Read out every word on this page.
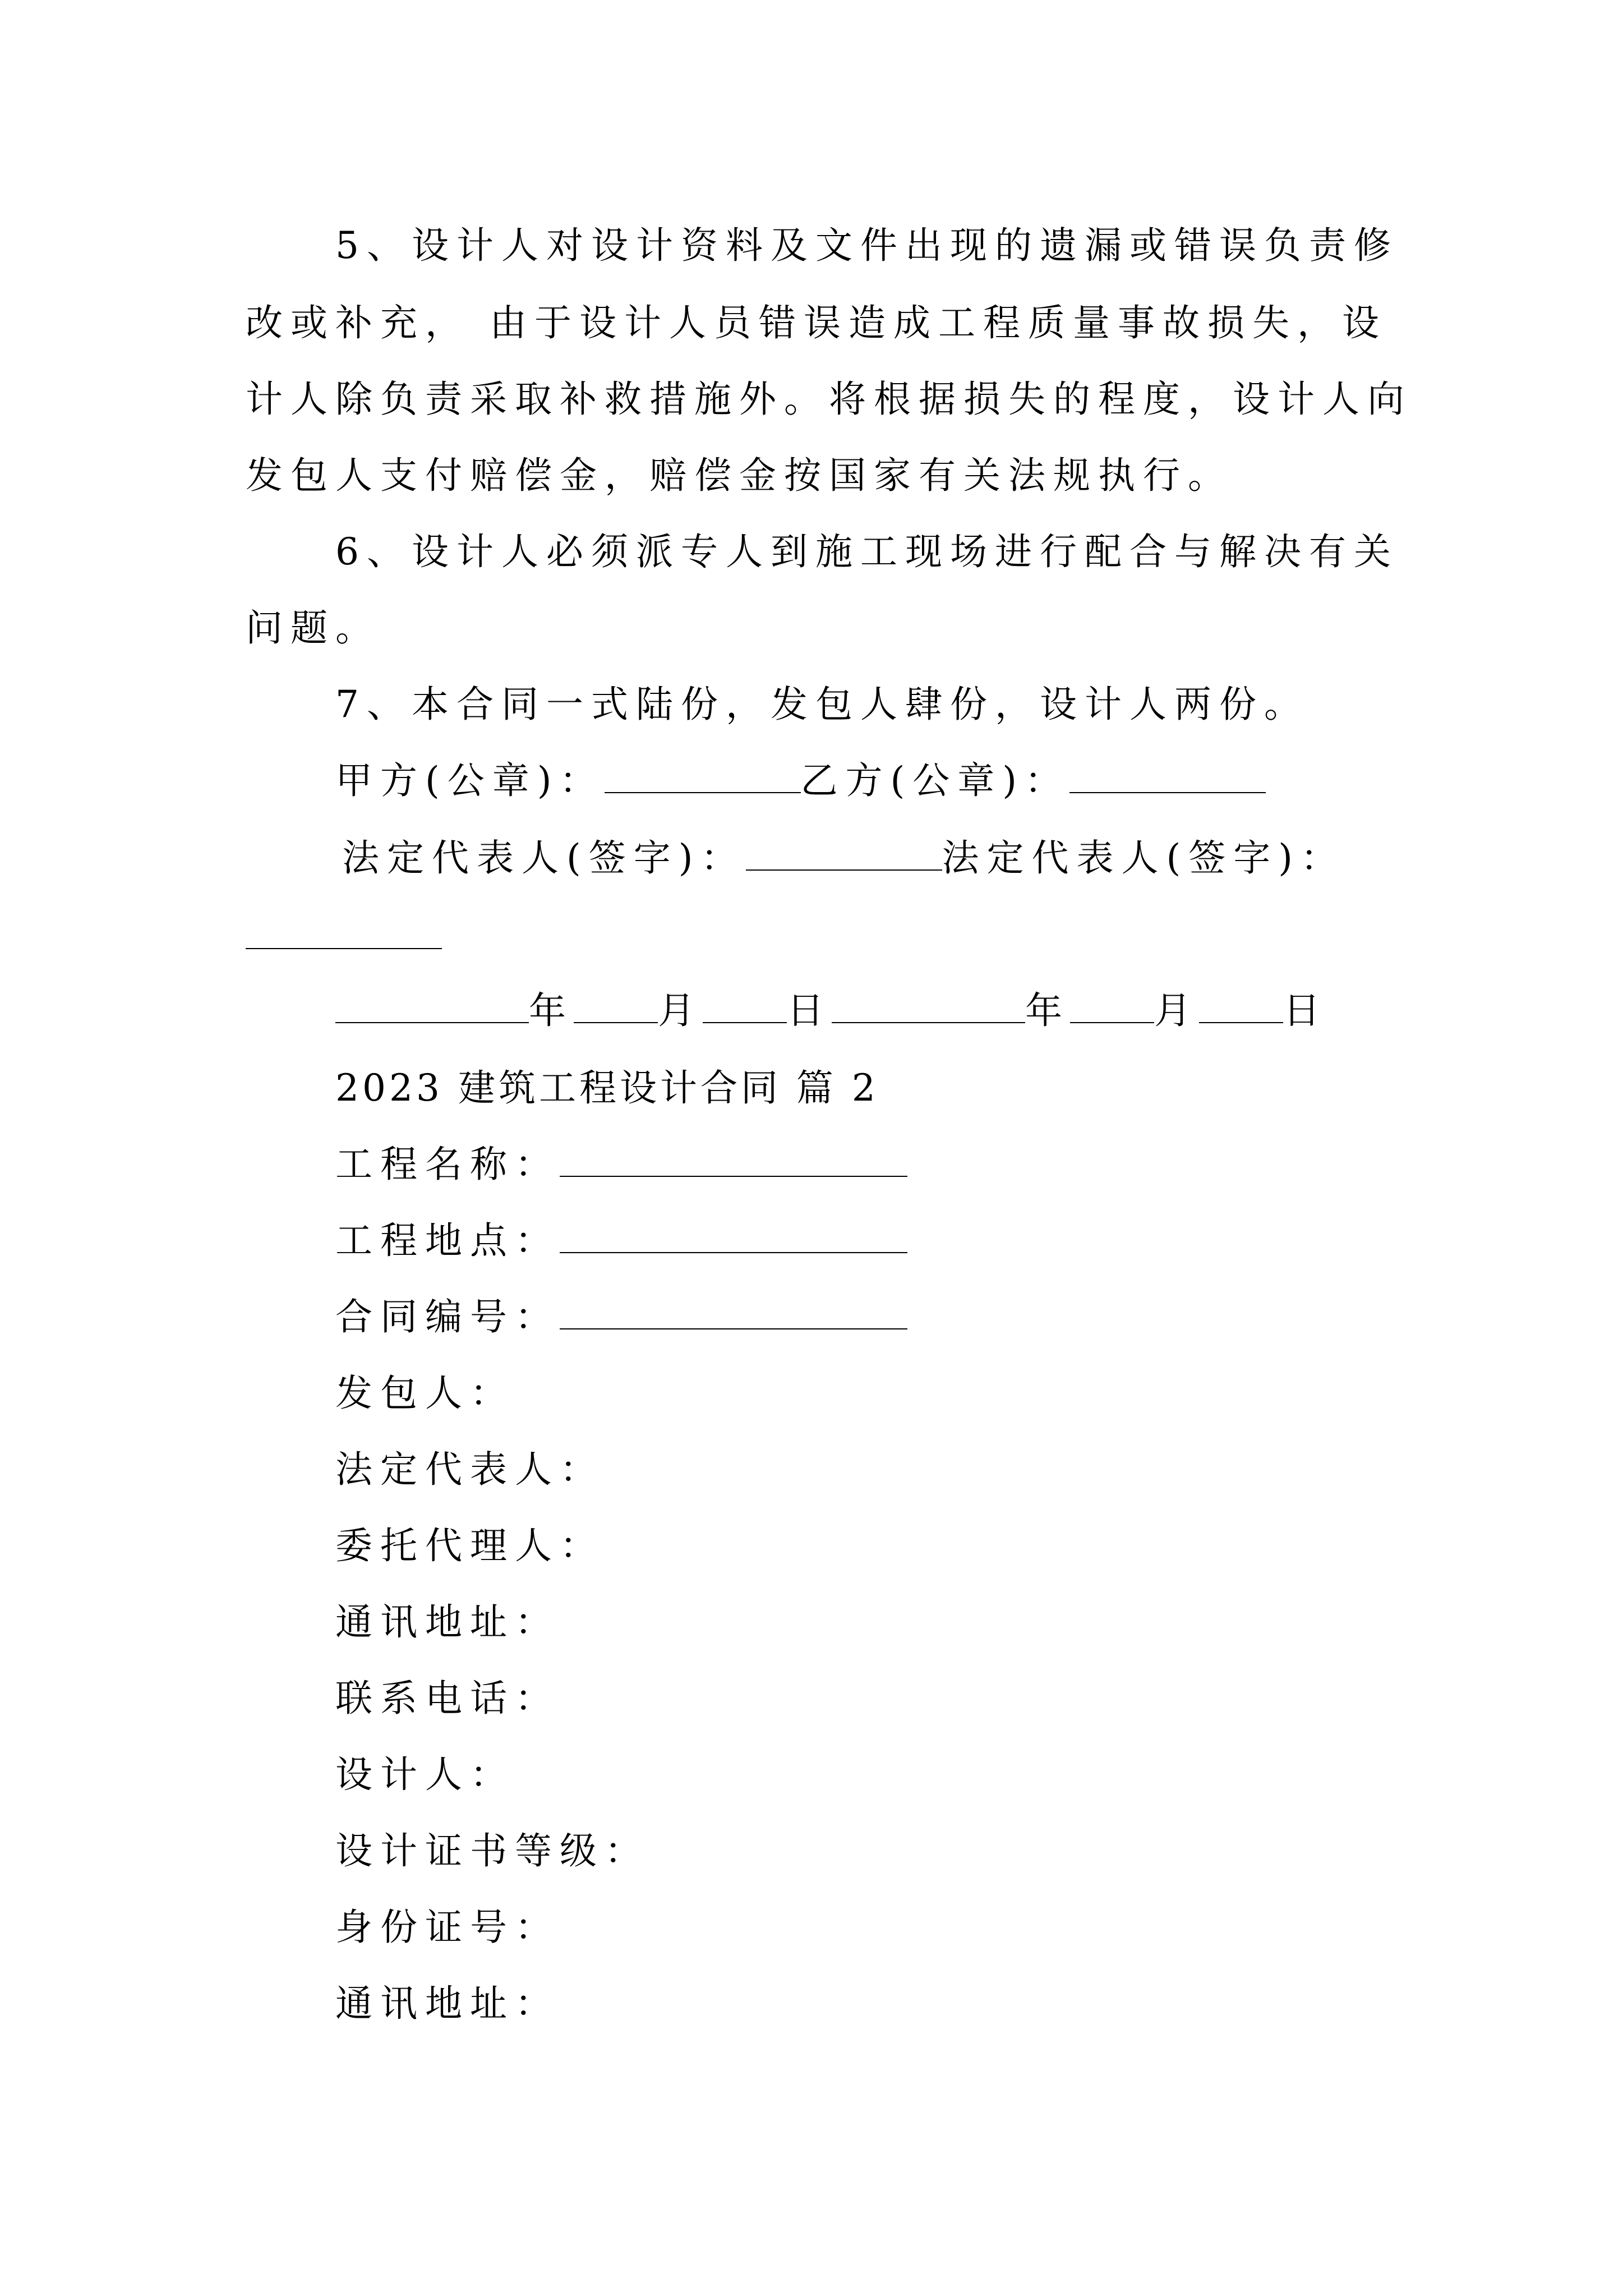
5、设计人对设计资料及文件出现的遗漏或错误负责修
改或补充， 由于设计人员错误造成工程质量事故损失，设
计人除负责采取补救措施外。将根据损失的程度，设计人向
发包人支付赔偿金，赔偿金按国家有关法规执行。
6、设计人必须派专人到施工现场进行配合与解决有关
问题。
7、本合同一式陆份，发包人肆份，设计人两份。
甲方(公章)：	乙方(公章)：
法定代表人(签字)：	法定代表人(签字)：
年 月 日	年 月 日
2023 建筑工程设计合同 篇 2
工程名称：
工程地点：
合同编号：
发包人：
法定代表人：
委托代理人：
通讯地址：
联系电话：
设计人：
设计证书等级：
身份证号：
通讯地址：
